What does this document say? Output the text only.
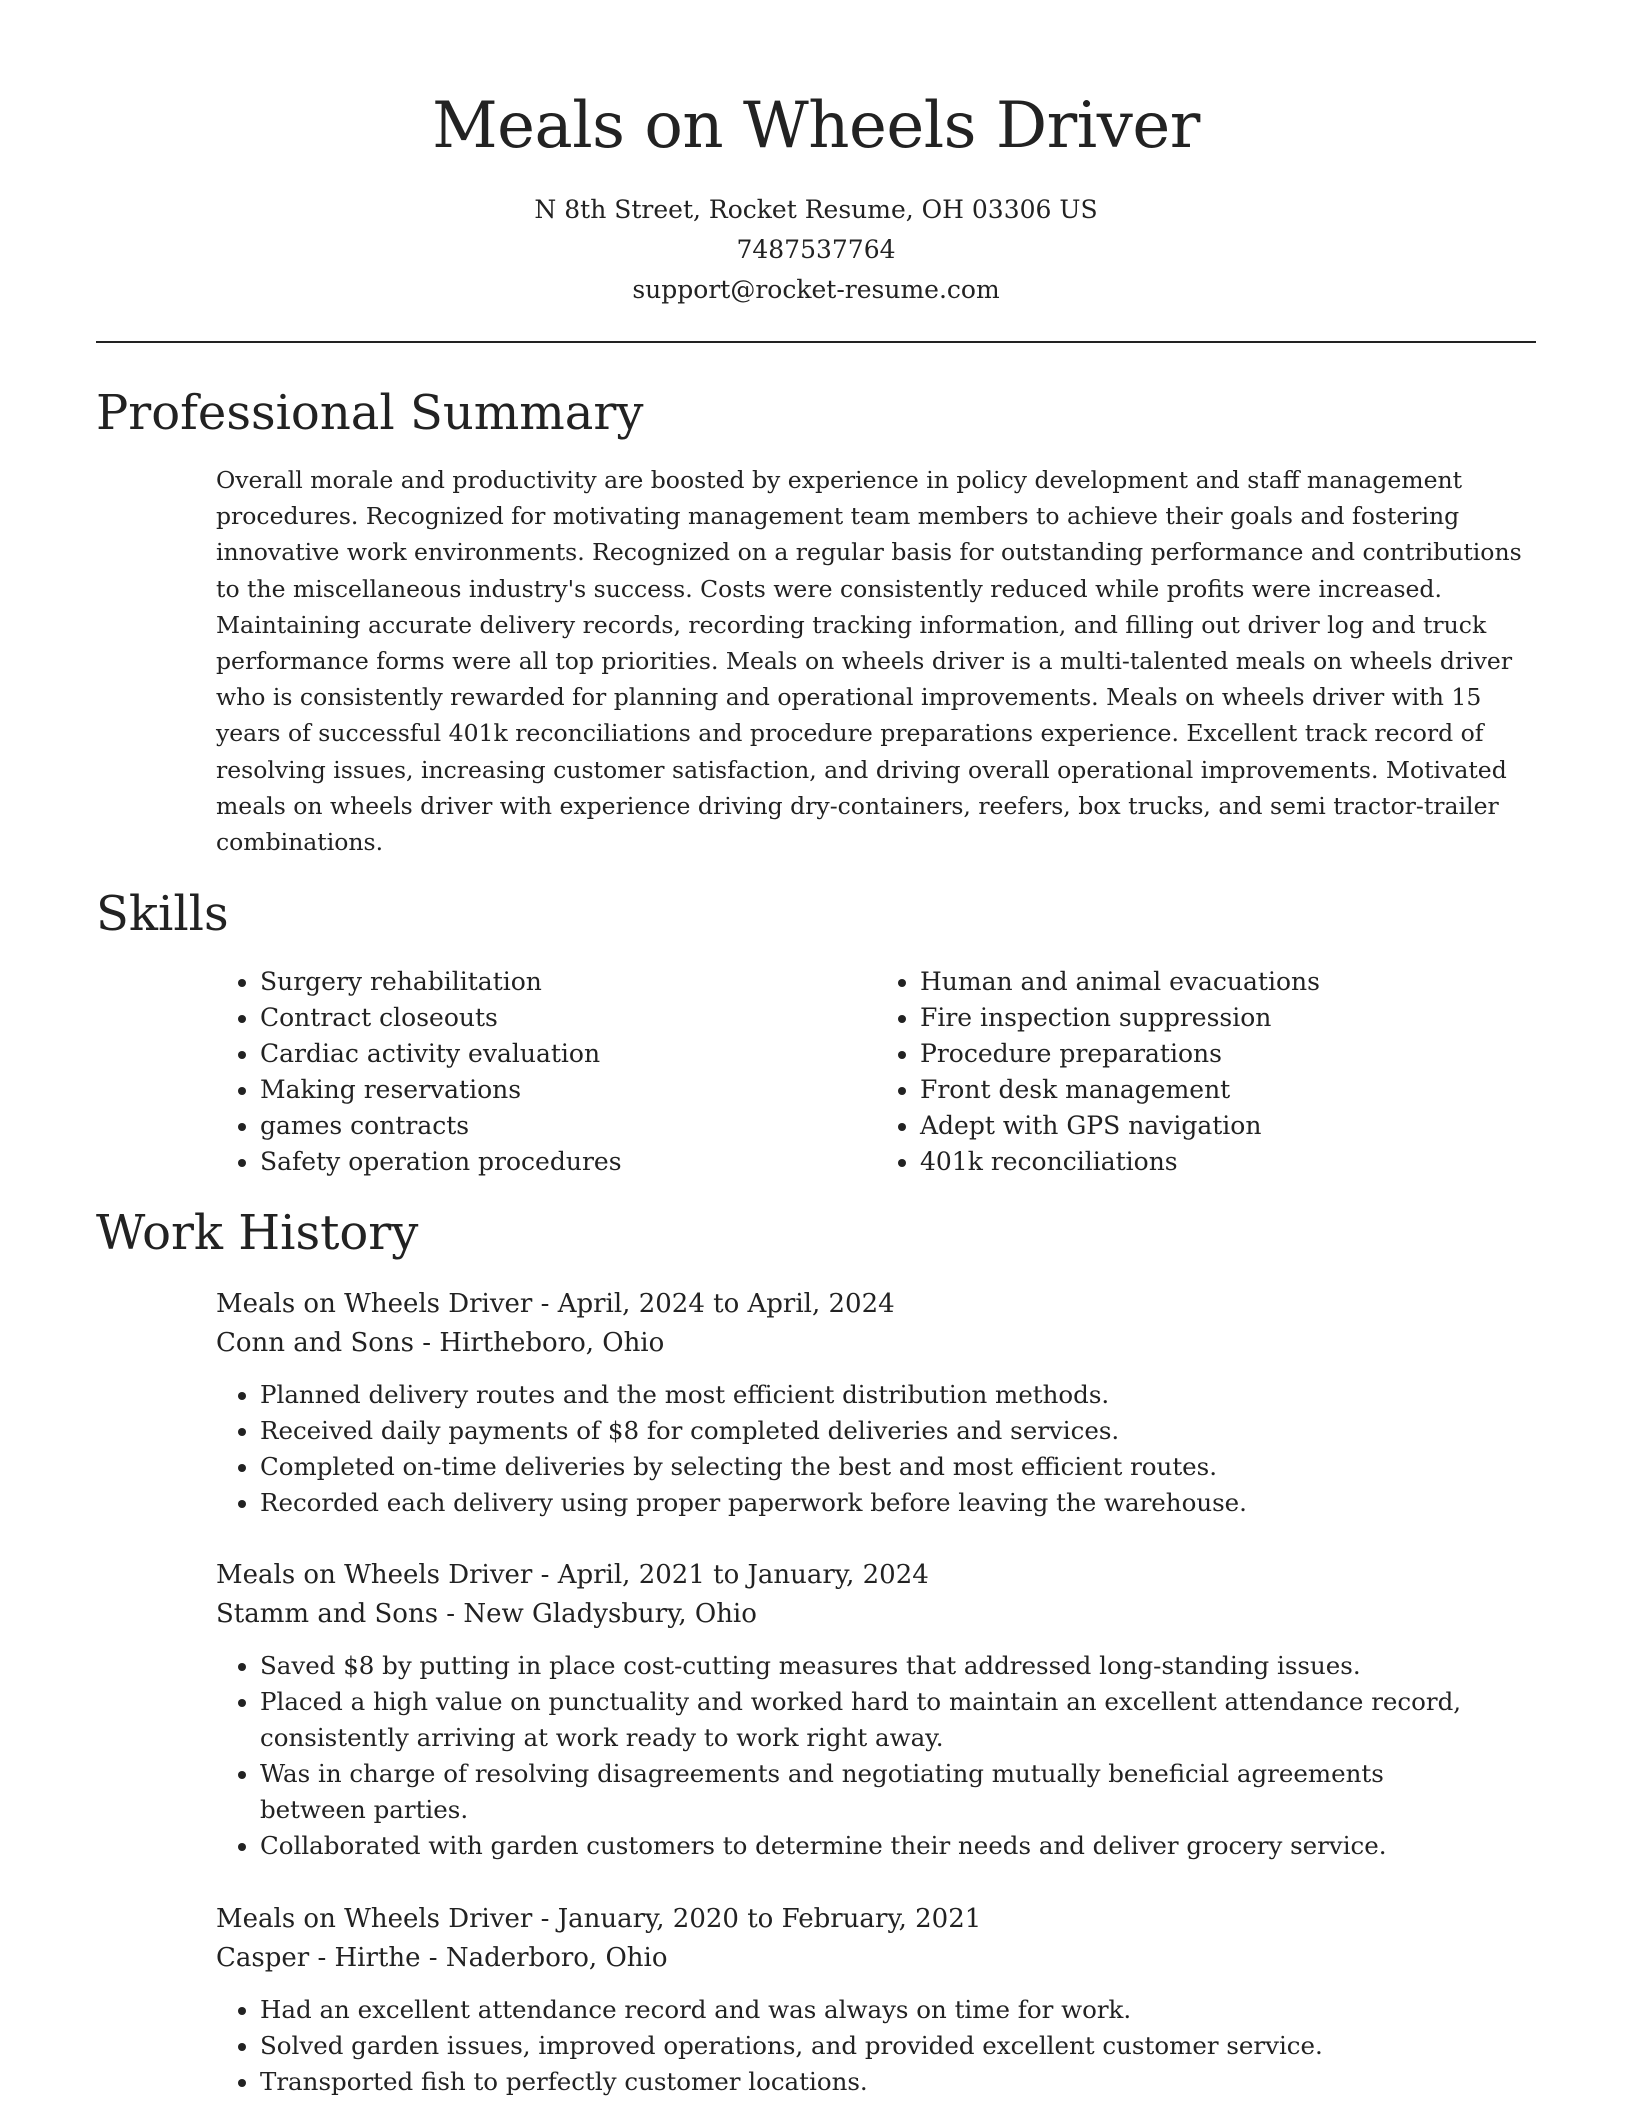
Meals on Wheels Driver
N 8th Street, Rocket Resume, OH 03306 US
7487537764
support@rocket-resume.com
Professional Summary

Overall morale and productivity are boosted by experience in policy development and staff management procedures. Recognized for motivating management team members to achieve their goals and fostering innovative work environments. Recognized on a regular basis for outstanding performance and contributions to the miscellaneous industry's success. Costs were consistently reduced while profits were increased. Maintaining accurate delivery records, recording tracking information, and filling out driver log and truck performance forms were all top priorities. Meals on wheels driver is a multi-talented meals on wheels driver who is consistently rewarded for planning and operational improvements. Meals on wheels driver with 15 years of successful 401k reconciliations and procedure preparations experience. Excellent track record of resolving issues, increasing customer satisfaction, and driving overall operational improvements. Motivated meals on wheels driver with experience driving dry-containers, reefers, box trucks, and semi tractor-trailer combinations.

Skills
• Surgery rehabilitation
• Contract closeouts
• Cardiac activity evaluation
• Making reservations
• games contracts
• Safety operation procedures
• Human and animal evacuations
• Fire inspection suppression
• Procedure preparations
• Front desk management
• Adept with GPS navigation
• 401k reconciliations
Work History
Meals on Wheels Driver - April, 2024 to April, 2024
Conn and Sons - Hirtheboro, Ohio
• Planned delivery routes and the most efficient distribution methods.
• Received daily payments of $8 for completed deliveries and services.
• Completed on-time deliveries by selecting the best and most efficient routes.
• Recorded each delivery using proper paperwork before leaving the warehouse.
Meals on Wheels Driver - April, 2021 to January, 2024
Stamm and Sons - New Gladysbury, Ohio
• Saved $8 by putting in place cost-cutting measures that addressed long-standing issues.
• Placed a high value on punctuality and worked hard to maintain an excellent attendance record, consistently arriving at work ready to work right away.
• Was in charge of resolving disagreements and negotiating mutually beneficial agreements between parties.
• Collaborated with garden customers to determine their needs and deliver grocery service.
Meals on Wheels Driver - January, 2020 to February, 2021
Casper - Hirthe - Naderboro, Ohio
• Had an excellent attendance record and was always on time for work.
• Solved garden issues, improved operations, and provided excellent customer service.
• Transported fish to perfectly customer locations.
